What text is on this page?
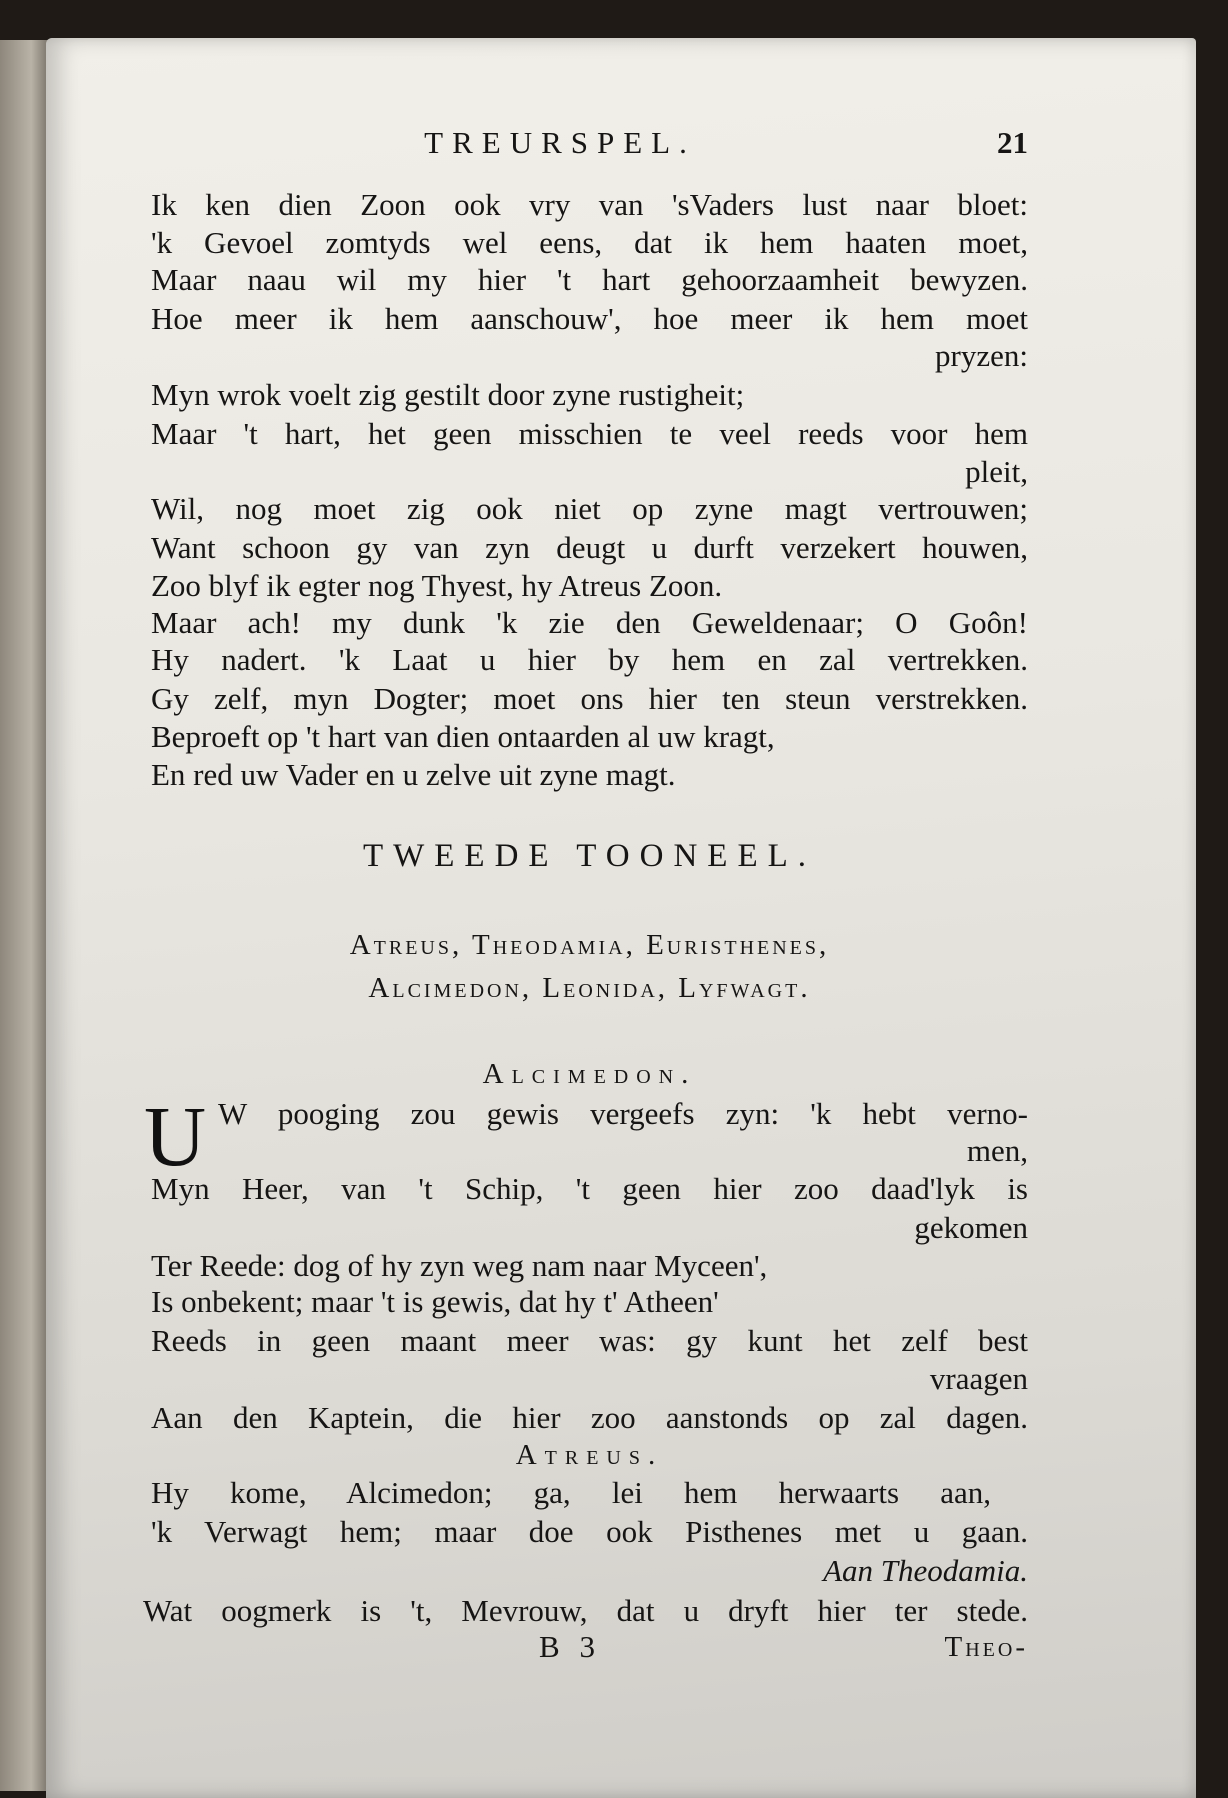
TREURSPEL.	21
Ik ken dien Zoon ook vry van 'sVaders lust naar bloet:
'k Gevoel zomtyds wel eens, dat ik hem haaten moet,
Maar naau wil my hier 't hart gehoorzaamheit bewyzen.
Hoe meer ik hem aanschouw', hoe meer ik hem moet
pryzen:
Myn wrok voelt zig gestilt door zyne rustigheit;
Maar 't hart, het geen misschien te veel reeds voor hem
pleit,
Wil, nog moet zig ook niet op zyne magt vertrouwen;
Want schoon gy van zyn deugt u durft verzekert houwen,
Zoo blyf ik egter nog Thyest, hy Atreus Zoon.
Maar ach! my dunk 'k zie den Geweldenaar; O Goôn!
Hy nadert. 'k Laat u hier by hem en zal vertrekken.
Gy zelf, myn Dogter; moet ons hier ten steun verstrekken.
Beproeft op 't hart van dien ontaarden al uw kragt,
En red uw Vader en u zelve uit zyne magt.
TWEEDE TOONEEL.
Atreus, Theodamia, Euristhenes,
Alcimedon, Leonida, Lyfwagt.
Alcimedon.
U W pooging zou gewis vergeefs zyn: 'k hebt verno-
men,
Myn Heer, van 't Schip, 't geen hier zoo daad'lyk is
gekomen
Ter Reede: dog of hy zyn weg nam naar Myceen',
Is onbekent; maar 't is gewis, dat hy t' Atheen'
Reeds in geen maant meer was: gy kunt het zelf best
vraagen
Aan den Kaptein, die hier zoo aanstonds op zal dagen.
Atreus.
Hy kome, Alcimedon; ga, lei hem herwaarts aan,
'k Verwagt hem; maar doe ook Pisthenes met u gaan.
Aan Theodamia.
Wat oogmerk is 't, Mevrouw, dat u dryft hier ter stede.
B 3	Theo-
